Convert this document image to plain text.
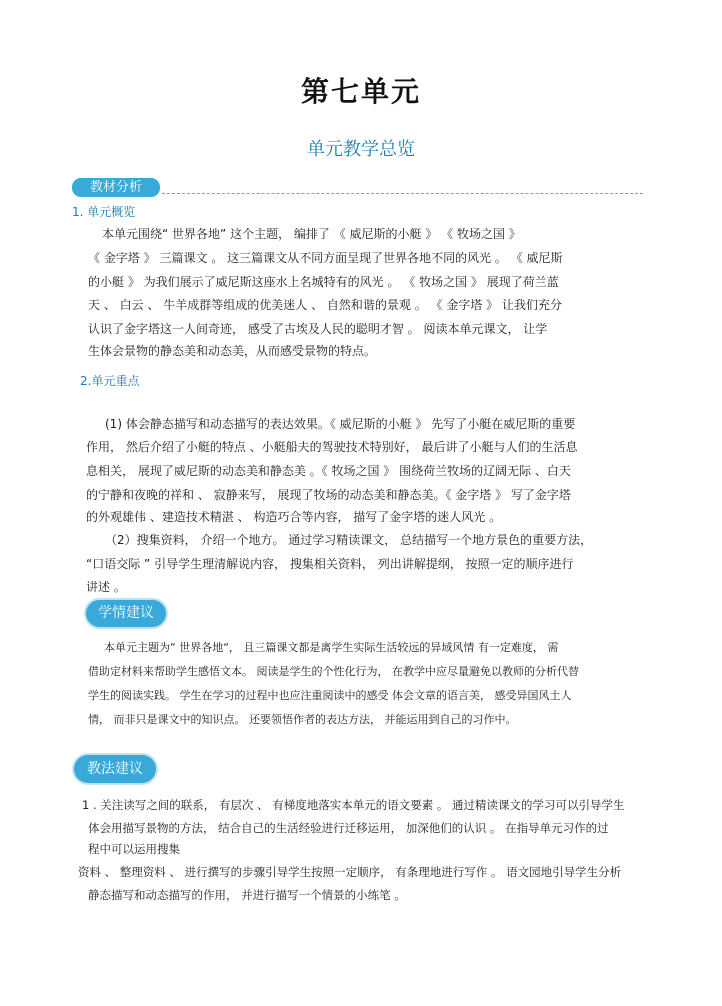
第七单元
单元教学总览
教材分析
1. 单元概览
本单元围绕“ 世界各地” 这个主题， 编排了 《 威尼斯的小艇 》 《 牧场之国 》
《 金字塔 》 三篇课文 。 这三篇课文从不同方面呈现了世界各地不同的风光 。 《 威尼斯
的小艇 》 为我们展示了威尼斯这座水上名城特有的风光 。 《 牧场之国 》 展现了荷兰蓝
天 、 白云 、 牛羊成群等组成的优美迷人 、 自然和谐的景观 。 《 金字塔 》 让我们充分
认识了金字塔这一人间奇迹， 感受了古埃及人民的聪明才智 。 阅读本单元课文， 让学
生体会景物的静态美和动态美，从而感受景物的特点。
2.单元重点
(1) 体会静态描写和动态描写的表达效果。《 威尼斯的小艇 》 先写了小艇在威尼斯的重要
作用， 然后介绍了小艇的特点 、小艇船夫的驾驶技术特别好， 最后讲了小艇与人们的生活息
息相关， 展现了威尼斯的动态美和静态美 。《 牧场之国 》 围绕荷兰牧场的辽阔无际 、白天
的宁静和夜晚的祥和 、 寂静来写， 展现了牧场的动态美和静态美。《 金字塔 》 写了金字塔
的外观雄伟 、建造技术精湛 、 构造巧合等内容， 描写了金字塔的迷人风光 。
（2）搜集资料， 介绍一个地方。 通过学习精读课文， 总结描写一个地方景色的重要方法，
“口语交际 ” 引导学生理清解说内容， 搜集相关资料， 列出讲解提纲， 按照一定的顺序进行
讲述 。
学情建议
本单元主题为“ 世界各地“， 且三篇课文都是离学生实际生活较远的异域风情 有一定难度， 需
借助定材料来帮助学生感悟文本。 阅读是学生的个性化行为， 在教学中应尽量避免以教师的分析代替
学生的阅读实践。 学生在学习的过程中也应注重阅读中的感受 体会文章的语言美， 感受异国风土人
情， 而非只是课文中的知识点。 还要领悟作者的表达方法， 并能运用到自己的习作中。
教法建议
1 . 关注读写之间的联系， 有层次 、 有梯度地落实本单元的语文要素 。 通过精读课文的学习可以引导学生
体会用描写景物的方法， 结合自己的生活经验进行迁移运用， 加深他们的认识 。 在指导单元习作的过
程中可以运用搜集
资料 、 整理资料 、 进行撰写的步骤引导学生按照一定顺序， 有条理地进行写作 。 语文园地引导学生分析
静态描写和动态描写的作用， 并进行描写一个情景的小练笔 。
